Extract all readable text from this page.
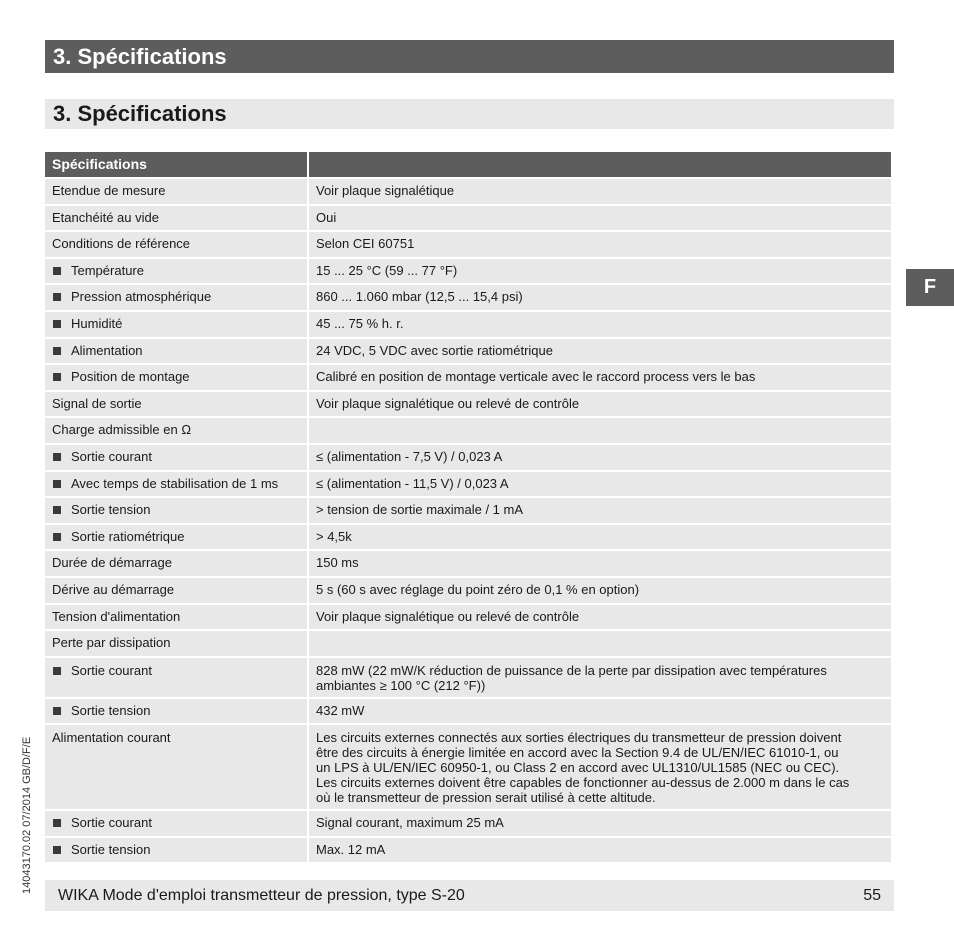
3. Spécifications
3. Spécifications
F
14043170.02 07/2014 GB/D/F/E
Spécifications	
Etendue de mesure	Voir plaque signalétique
Etanchéité au vide	Oui
Conditions de référence	Selon CEI 60751
Température	15 ... 25 °C (59 ... 77 °F)
Pression atmosphérique	860 ... 1.060 mbar (12,5 ... 15,4 psi)
Humidité	45 ... 75 % h. r.
Alimentation	24 VDC, 5 VDC avec sortie ratiométrique
Position de montage	Calibré en position de montage verticale avec le raccord process vers le bas
Signal de sortie	Voir plaque signalétique ou relevé de contrôle
Charge admissible en Ω	
Sortie courant	≤ (alimentation - 7,5 V) / 0,023 A
Avec temps de stabilisation de 1 ms	≤ (alimentation - 11,5 V) / 0,023 A
Sortie tension	> tension de sortie maximale / 1 mA
Sortie ratiométrique	> 4,5k
Durée de démarrage	150 ms
Dérive au démarrage	5 s (60 s avec réglage du point zéro de 0,1 % en option)
Tension d'alimentation	Voir plaque signalétique ou relevé de contrôle
Perte par dissipation	
Sortie courant	828 mW (22 mW/K réduction de puissance de la perte par dissipation avec températures
ambiantes ≥ 100 °C (212 °F))
Sortie tension	432 mW
Alimentation courant	Les circuits externes connectés aux sorties électriques du transmetteur de pression doivent
être des circuits à énergie limitée en accord avec la Section 9.4 de UL/EN/IEC 61010-1, ou
un LPS à UL/EN/IEC 60950-1, ou Class 2 en accord avec UL1310/UL1585 (NEC ou CEC).
Les circuits externes doivent être capables de fonctionner au-dessus de 2.000 m dans le cas
où le transmetteur de pression serait utilisé à cette altitude.
Sortie courant	Signal courant, maximum 25 mA
Sortie tension	Max. 12 mA
WIKA Mode d'emploi transmetteur de pression, type S-20	55
